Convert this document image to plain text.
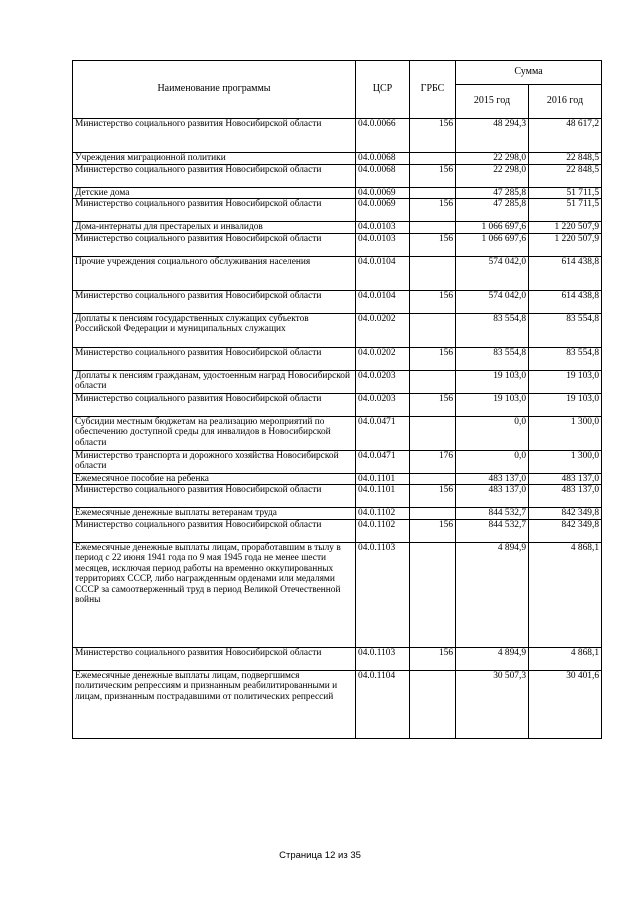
Наименование программы	ЦСР	ГРБС	Сумма	
			2015 год	2016 год
Министерство социального развития Новосибирской области	04.0.0066	156	48 294,3	48 617,2
Учреждения миграционной политики	04.0.0068		22 298,0	22 848,5
Министерство социального развития Новосибирской области	04.0.0068	156	22 298,0	22 848,5
Детские дома	04.0.0069		47 285,8	51 711,5
Министерство социального развития Новосибирской области	04.0.0069	156	47 285,8	51 711,5
Дома-интернаты для престарелых и инвалидов	04.0.0103		1 066 697,6	1 220 507,9
Министерство социального развития Новосибирской области	04.0.0103	156	1 066 697,6	1 220 507,9
Прочие учреждения социального обслуживания населения	04.0.0104		574 042,0	614 438,8
Министерство социального развития Новосибирской области	04.0.0104	156	574 042,0	614 438,8
Доплаты к пенсиям государственных служащих субъектов Российской Федерации и муниципальных служащих	04.0.0202		83 554,8	83 554,8
Министерство социального развития Новосибирской области	04.0.0202	156	83 554,8	83 554,8
Доплаты к пенсиям гражданам, удостоенным наград Новосибирской области	04.0.0203		19 103,0	19 103,0
Министерство социального развития Новосибирской области	04.0.0203	156	19 103,0	19 103,0
Субсидии местным бюджетам на реализацию мероприятий по обеспечению доступной среды для инвалидов в Новосибирской области	04.0.0471		0,0	1 300,0
Министерство транспорта и дорожного хозяйства Новосибирской области	04.0.0471	176	0,0	1 300,0
Ежемесячное пособие на ребенка	04.0.1101		483 137,0	483 137,0
Министерство социального развития Новосибирской области	04.0.1101	156	483 137,0	483 137,0
Ежемесячные денежные выплаты ветеранам труда	04.0.1102		844 532,7	842 349,8
Министерство социального развития Новосибирской области	04.0.1102	156	844 532,7	842 349,8
Ежемесячные денежные выплаты лицам, проработавшим в тылу в период с 22 июня 1941 года по 9 мая 1945 года не менее шести месяцев, исключая период работы на временно оккупированных территориях СССР, либо награжденным орденами или медалями СССР за самоотверженный труд в период Великой Отечественной войны	04.0.1103		4 894,9	4 868,1
Министерство социального развития Новосибирской области	04.0.1103	156	4 894,9	4 868,1
Ежемесячные денежные выплаты лицам, подвергшимся политическим репрессиям и признанным реабилитированными и лицам, признанным пострадавшими от политических репрессий	04.0.1104		30 507,3	30 401,6
Страница 12 из 35
